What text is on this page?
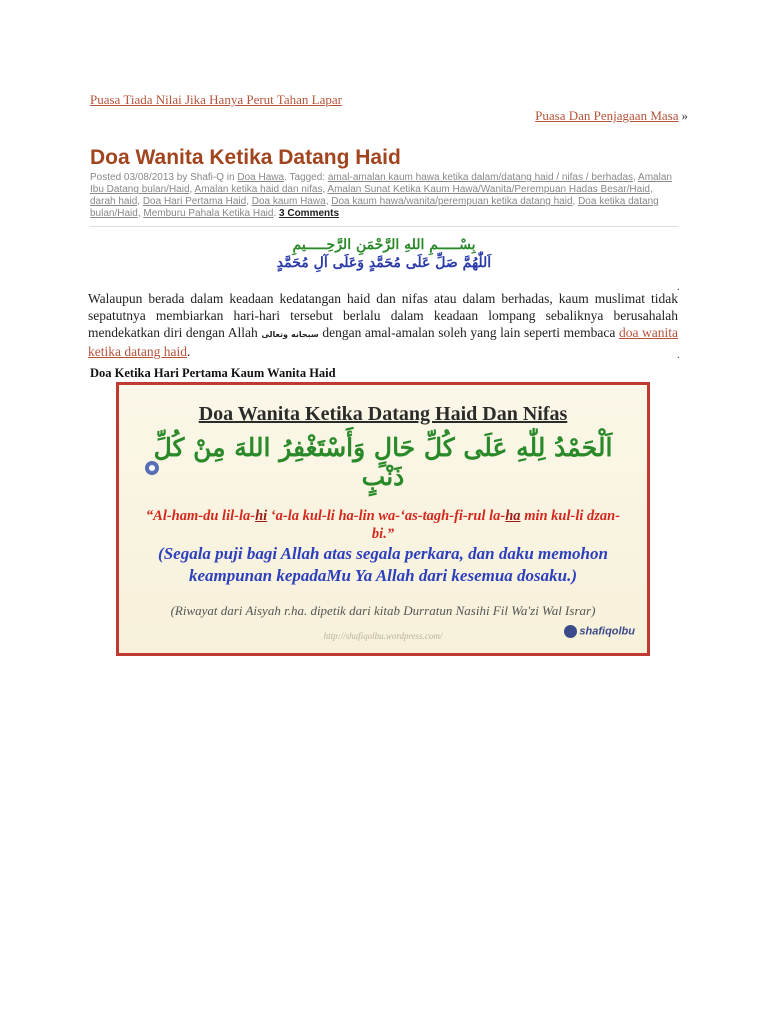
Puasa Tiada Nilai Jika Hanya Perut Tahan Lapar
Puasa Dan Penjagaan Masa »
Doa Wanita Ketika Datang Haid
Posted 03/08/2013 by Shafi-Q in Doa Hawa. Tagged: amal-amalan kaum hawa ketika dalam/datang haid / nifas / berhadas, Amalan Ibu Datang bulan/Haid, Amalan ketika haid dan nifas, Amalan Sunat Ketika Kaum Hawa/Wanita/Perempuan Hadas Besar/Haid, darah haid, Doa Hari Pertama Haid, Doa kaum Hawa, Doa kaum hawa/wanita/perempuan ketika datang haid, Doa ketika datang bulan/Haid, Memburu Pahala Ketika Haid. 3 Comments
بِسْـــــمِ اللهِ الرَّحْمَنِ الرَّحِـــــيمِ
اَللّٰهُمَّ صَلِّ عَلَى مُحَمَّدٍ وَعَلَى آلِ مُحَمَّدٍ
.

Walaupun berada dalam keadaan kedatangan haid dan nifas atau dalam berhadas, kaum muslimat tidak sepatutnya membiarkan hari-hari tersebut berlalu dalam keadaan lompang sebaliknya berusahalah mendekatkan diri dengan Allah سبحانه وتعالى dengan amal-amalan soleh yang lain seperti membaca doa wanita ketika datang haid.	.
Doa Ketika Hari Pertama Kaum Wanita Haid
Doa Wanita Ketika Datang Haid Dan Nifas
اَلْحَمْدُ لِلّٰهِ عَلَى كُلِّ حَالٍ وَأَسْتَغْفِرُ اللهَ مِنْ كُلِّ ذَنْبٍ
“Al-ham-du lil-la-hi ‘a-la kul-li ha-lin wa-‘as-tagh-fi-rul la-ha min kul-li dzan-bi.”
(Segala puji bagi Allah atas segala perkara, dan daku memohon keampunan kepadaMu Ya Allah dari kesemua dosaku.)
(Riwayat dari Aisyah r.ha. dipetik dari kitab Durratun Nasihi Fil Wa'zi Wal Israr)
http://shafiqolbu.wordpress.com/	shafiqolbu
